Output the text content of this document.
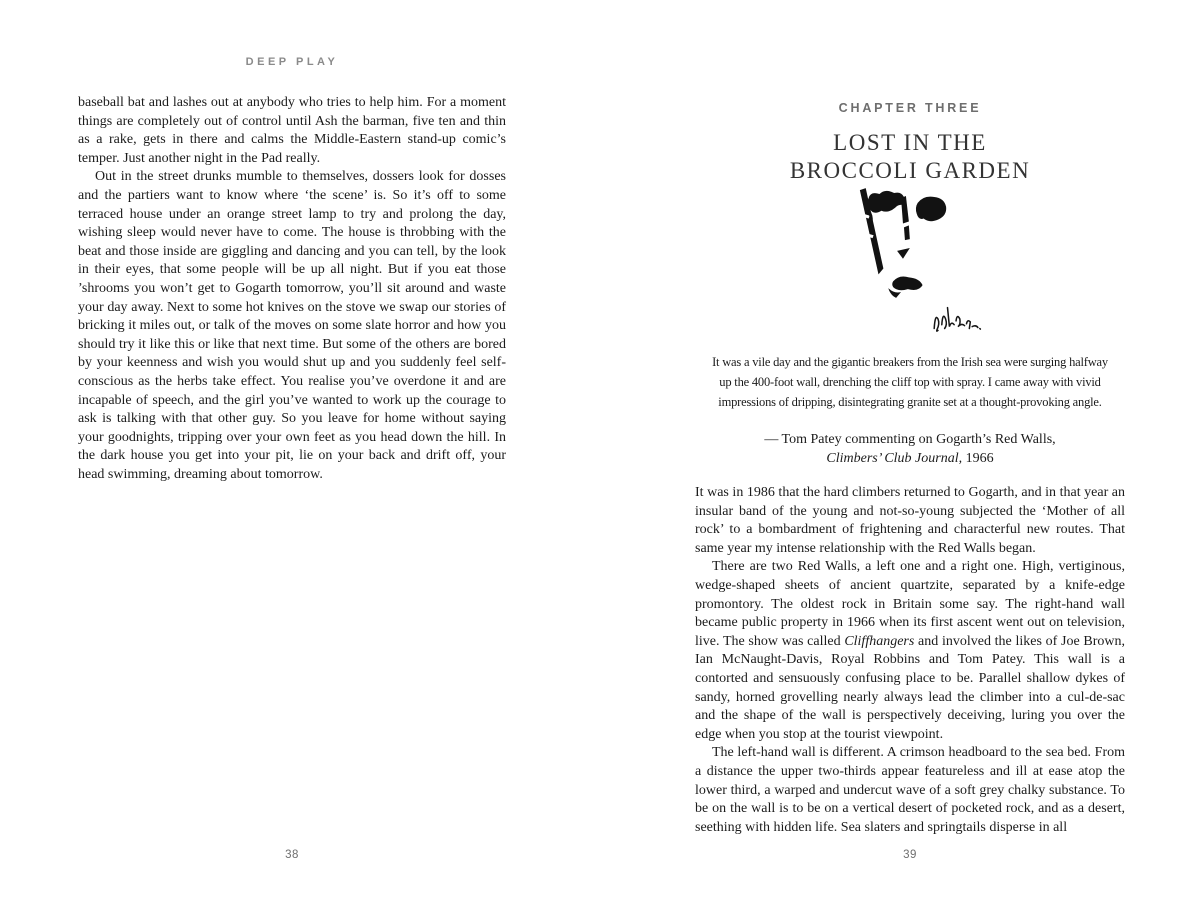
DEEP PLAY

baseball bat and lashes out at anybody who tries to help him. For a moment things are completely out of control until Ash the barman, five ten and thin as a rake, gets in there and calms the Middle-Eastern stand-up comic’s temper. Just another night in the Pad really.

Out in the street drunks mumble to themselves, dossers look for dosses and the partiers want to know where ‘the scene’ is. So it’s off to some terraced house under an orange street lamp to try and prolong the day, wishing sleep would never have to come. The house is throbbing with the beat and those inside are giggling and dancing and you can tell, by the look in their eyes, that some people will be up all night. But if you eat those ’shrooms you won’t get to Gogarth tomorrow, you’ll sit around and waste your day away. Next to some hot knives on the stove we swap our stories of bricking it miles out, or talk of the moves on some slate horror and how you should try it like this or like that next time. But some of the others are bored by your keenness and wish you would shut up and you suddenly feel self-conscious as the herbs take effect. You realise you’ve overdone it and are incapable of speech, and the girl you’ve wanted to work up the courage to ask is talking with that other guy. So you leave for home without saying your goodnights, tripping over your own feet as you head down the hill. In the dark house you get into your pit, lie on your back and drift off, your head swimming, dreaming about tomorrow.

38
CHAPTER THREE
LOST IN THE
BROCCOLI GARDEN
It was a vile day and the gigantic breakers from the Irish sea were surging halfway
up the 400-foot wall, drenching the cliff top with spray. I came away with vivid
impressions of dripping, disintegrating granite set at a thought-provoking angle.
— Tom Patey commenting on Gogarth’s Red Walls,
Climbers’ Club Journal, 1966

It was in 1986 that the hard climbers returned to Gogarth, and in that year an insular band of the young and not-so-young subjected the ‘Mother of all rock’ to a bombardment of frightening and characterful new routes. That same year my intense relationship with the Red Walls began.

There are two Red Walls, a left one and a right one. High, vertiginous, wedge-shaped sheets of ancient quartzite, separated by a knife-edge promontory. The oldest rock in Britain some say. The right-hand wall became public property in 1966 when its first ascent went out on television, live. The show was called Cliffhangers and involved the likes of Joe Brown, Ian McNaught-Davis, Royal Robbins and Tom Patey. This wall is a contorted and sensuously confusing place to be. Parallel shallow dykes of sandy, horned grovelling nearly always lead the climber into a cul-de-sac and the shape of the wall is perspectively deceiving, luring you over the edge when you stop at the tourist viewpoint.

The left-hand wall is different. A crimson headboard to the sea bed. From a distance the upper two-thirds appear featureless and ill at ease atop the lower third, a warped and undercut wave of a soft grey chalky substance. To be on the wall is to be on a vertical desert of pocketed rock, and as a desert, seething with hidden life. Sea slaters and springtails disperse in all

39
